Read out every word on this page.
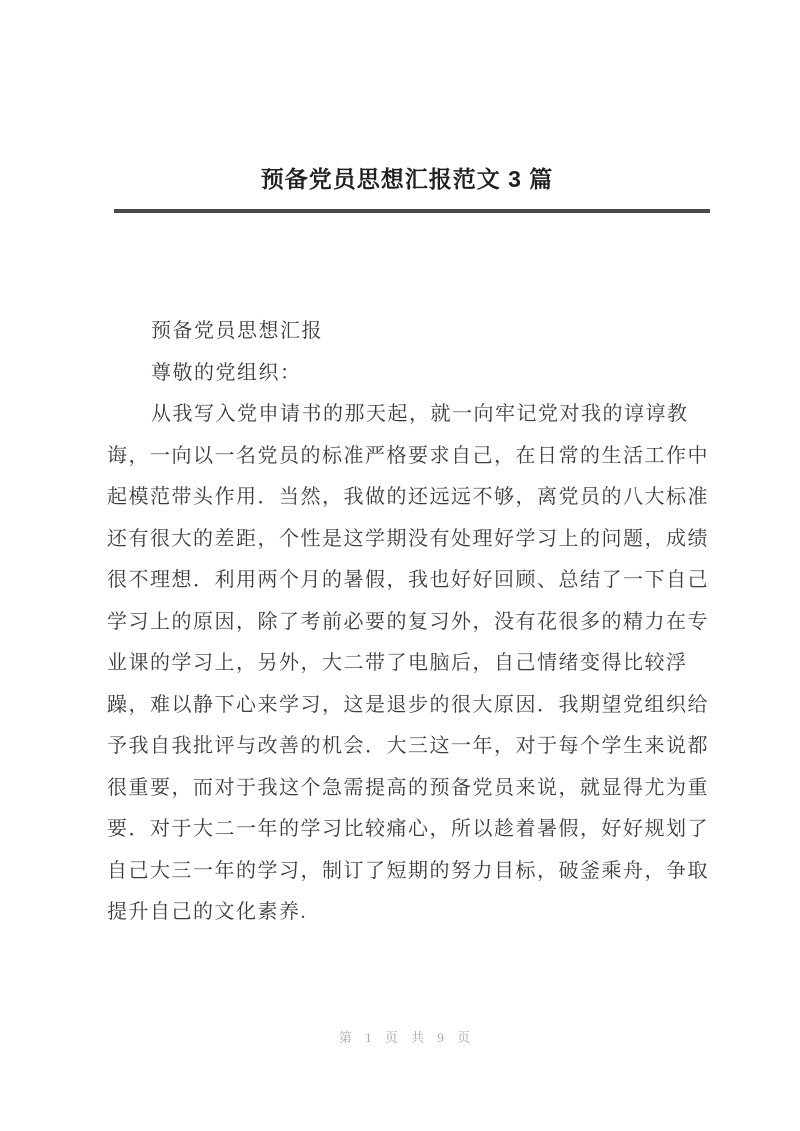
预备党员思想汇报范文 3 篇
预备党员思想汇报
尊敬的党组织：
从我写入党申请书的那天起，就一向牢记党对我的谆谆教
诲，一向以一名党员的标准严格要求自己，在日常的生活工作中
起模范带头作用．当然，我做的还远远不够，离党员的八大标准
还有很大的差距，个性是这学期没有处理好学习上的问题，成绩
很不理想．利用两个月的暑假，我也好好回顾、总结了一下自己
学习上的原因，除了考前必要的复习外，没有花很多的精力在专
业课的学习上，另外，大二带了电脑后，自己情绪变得比较浮
躁，难以静下心来学习，这是退步的很大原因．我期望党组织给
予我自我批评与改善的机会．大三这一年，对于每个学生来说都
很重要，而对于我这个急需提高的预备党员来说，就显得尤为重
要．对于大二一年的学习比较痛心，所以趁着暑假，好好规划了
自己大三一年的学习，制订了短期的努力目标，破釜乘舟，争取
提升自己的文化素养.
第 1 页 共 9 页
